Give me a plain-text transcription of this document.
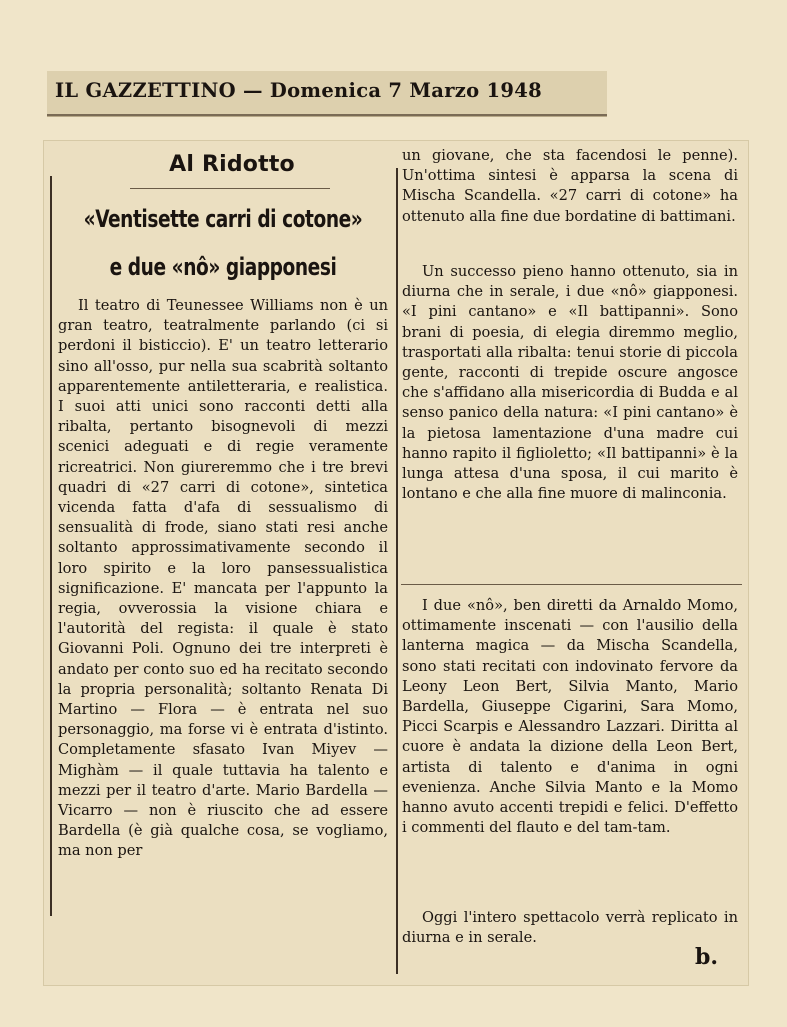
IL GAZZETTINO — Domenica 7 Marzo 1948
Al Ridotto
«Ventisette carri di cotone»
e due «nô» giapponesi

Il teatro di Teunessee Williams non è un gran teatro, teatralmente parlando (ci si perdoni il bisticcio). E' un teatro letterario sino all'osso, pur nella sua scabrità soltanto apparentemente antiletteraria, e realistica. I suoi atti unici sono racconti detti alla ribalta, pertanto bisognevoli di mezzi scenici adeguati e di regie veramente ricreatrici. Non giureremmo che i tre brevi quadri di «27 carri di cotone», sintetica vicenda fatta d'afa di sessualismo di sensualità di frode, siano stati resi anche soltanto approssimativamente secondo il loro spirito e la loro pansessualistica significazione. E' mancata per l'appunto la regia, ovverossia la visione chiara e l'autorità del regista: il quale è stato Giovanni Poli. Ognuno dei tre interpreti è andato per conto suo ed ha recitato secondo la propria personalità; soltanto Renata Di Martino — Flora — è entrata nel suo personaggio, ma forse vi è entrata d'istinto. Completamente sfasato Ivan Miyev — Mighàm — il quale tuttavia ha talento e mezzi per il teatro d'arte. Mario Bardella — Vicarro — non è riuscito che ad essere Bardella (è già qualche cosa, se vogliamo, ma non per

un giovane, che sta facendosi le penne). Un'ottima sintesi è apparsa la scena di Mischa Scandella. «27 carri di cotone» ha ottenuto alla fine due bordatine di battimani.

Un successo pieno hanno ottenuto, sia in diurna che in serale, i due «nô» giapponesi. «I pini cantano» e «Il battipanni». Sono brani di poesia, di elegia diremmo meglio, trasportati alla ribalta: tenui storie di piccola gente, racconti di trepide oscure angosce che s'affidano alla misericordia di Budda e al senso panico della natura: «I pini cantano» è la pietosa lamentazione d'una madre cui hanno rapito il figlioletto; «Il battipanni» è la lunga attesa d'una sposa, il cui marito è lontano e che alla fine muore di malinconia.

I due «nô», ben diretti da Arnaldo Momo, ottimamente inscenati — con l'ausilio della lanterna magica — da Mischa Scandella, sono stati recitati con indovinato fervore da Leony Leon Bert, Silvia Manto, Mario Bardella, Giuseppe Cigarini, Sara Momo, Picci Scarpis e Alessandro Lazzari. Diritta al cuore è andata la dizione della Leon Bert, artista di talento e d'anima in ogni evenienza. Anche Silvia Manto e la Momo hanno avuto accenti trepidi e felici. D'effetto i commenti del flauto e del tam-tam.

Oggi l'intero spettacolo verrà replicato in diurna e in serale.

b.
